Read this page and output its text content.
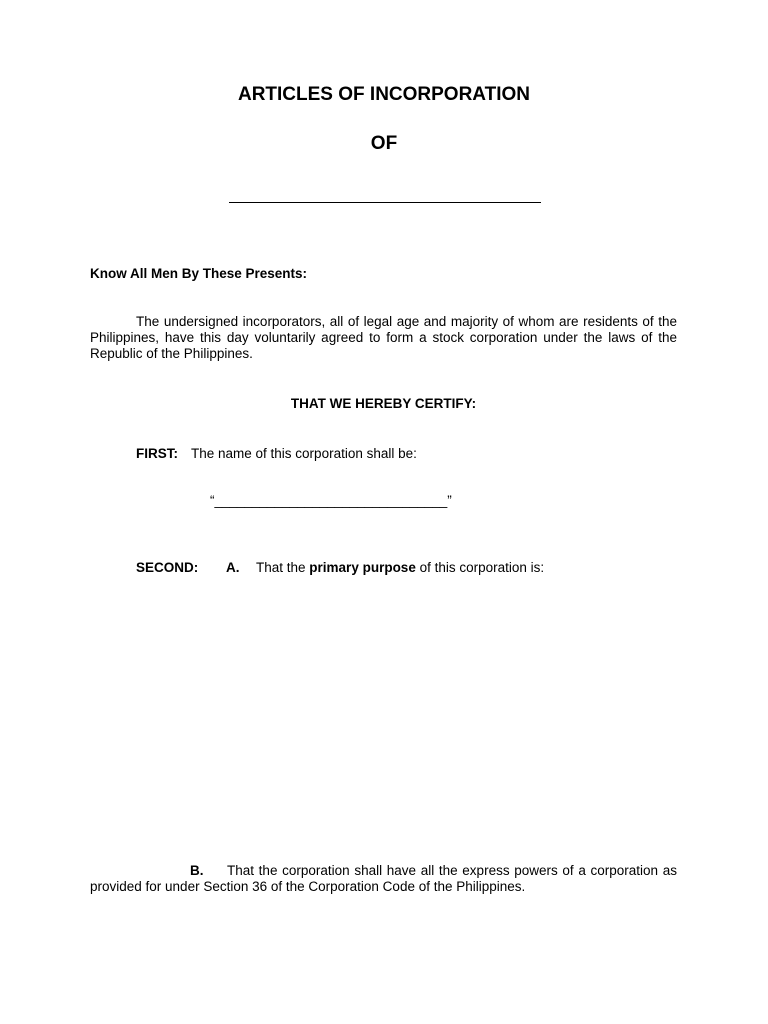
ARTICLES OF INCORPORATION
OF
Know All Men By These Presents:
The undersigned incorporators, all of legal age and majority of whom are residents of the Philippines, have this day voluntarily agreed to form a stock corporation under the laws of the Republic of the Philippines.
THAT WE HEREBY CERTIFY:
FIRST: The name of this corporation shall be:
“_______________________________”
SECOND: A. That the primary purpose of this corporation is:
B. That the corporation shall have all the express powers of a corporation as provided for under Section 36 of the Corporation Code of the Philippines.
